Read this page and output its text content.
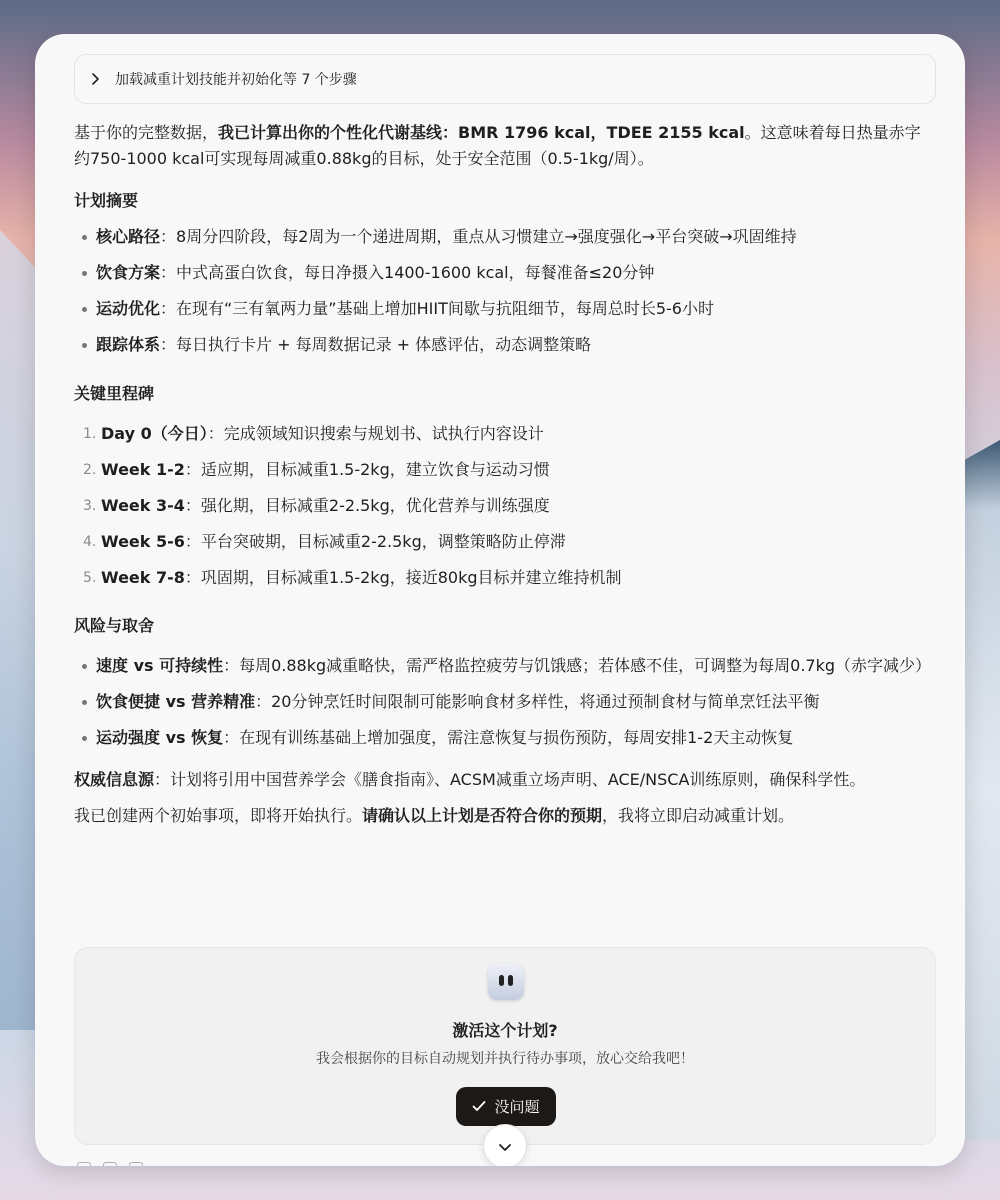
加载减重计划技能并初始化等 7 个步骤

基于你的完整数据，我已计算出你的个性化代谢基线：BMR 1796 kcal，TDEE 2155 kcal。这意味着每日热量赤字约750-1000 kcal可实现每周减重0.88kg的目标，处于安全范围（0.5-1kg/周）。

计划摘要

核心路径：8周分四阶段，每2周为一个递进周期，重点从习惯建立→强度强化→平台突破→巩固维持
饮食方案：中式高蛋白饮食，每日净摄入1400-1600 kcal，每餐准备≤20分钟
运动优化：在现有“三有氧两力量”基础上增加HIIT间歇与抗阻细节，每周总时长5-6小时
跟踪体系：每日执行卡片 + 每周数据记录 + 体感评估，动态调整策略

关键里程碑

1. Day 0（今日）：完成领域知识搜索与规划书、试执行内容设计
2. Week 1-2：适应期，目标减重1.5-2kg，建立饮食与运动习惯
3. Week 3-4：强化期，目标减重2-2.5kg，优化营养与训练强度
4. Week 5-6：平台突破期，目标减重2-2.5kg，调整策略防止停滞
5. Week 7-8：巩固期，目标减重1.5-2kg，接近80kg目标并建立维持机制

风险与取舍

速度 vs 可持续性：每周0.88kg减重略快，需严格监控疲劳与饥饿感；若体感不佳，可调整为每周0.7kg（赤字减少）
饮食便捷 vs 营养精准：20分钟烹饪时间限制可能影响食材多样性，将通过预制食材与简单烹饪法平衡
运动强度 vs 恢复：在现有训练基础上增加强度，需注意恢复与损伤预防，每周安排1-2天主动恢复

权威信息源：计划将引用中国营养学会《膳食指南》、ACSM减重立场声明、ACE/NSCA训练原则，确保科学性。

我已创建两个初始事项，即将开始执行。请确认以上计划是否符合你的预期，我将立即启动减重计划。

激活这个计划?
我会根据你的目标自动规划并执行待办事项，放心交给我吧！
没问题
